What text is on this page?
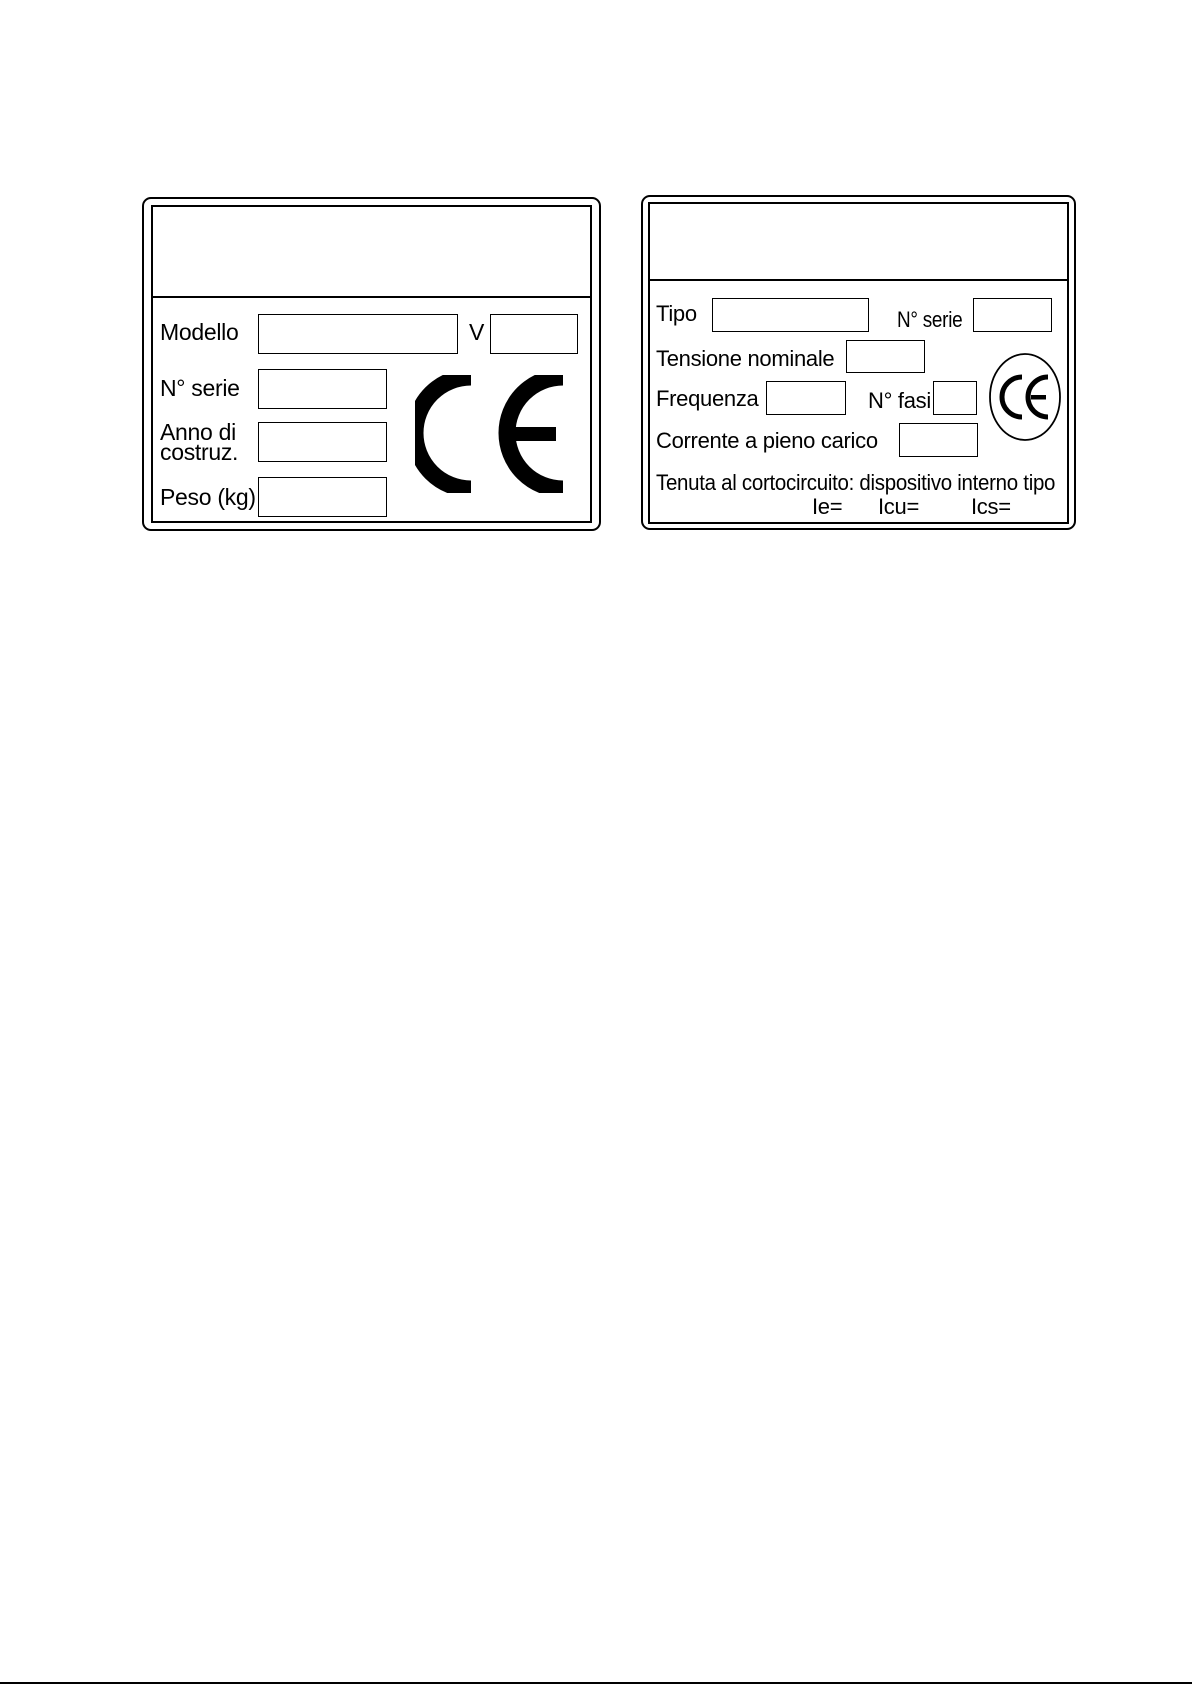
Modello	V
N° serie
Anno di
costruz.
Peso (kg)
Tipo	N° serie
Tensione nominale
Frequenza	N° fasi
Corrente a pieno carico
Tenuta al cortocircuito: dispositivo interno tipo
Ie= Icu= Ics=
